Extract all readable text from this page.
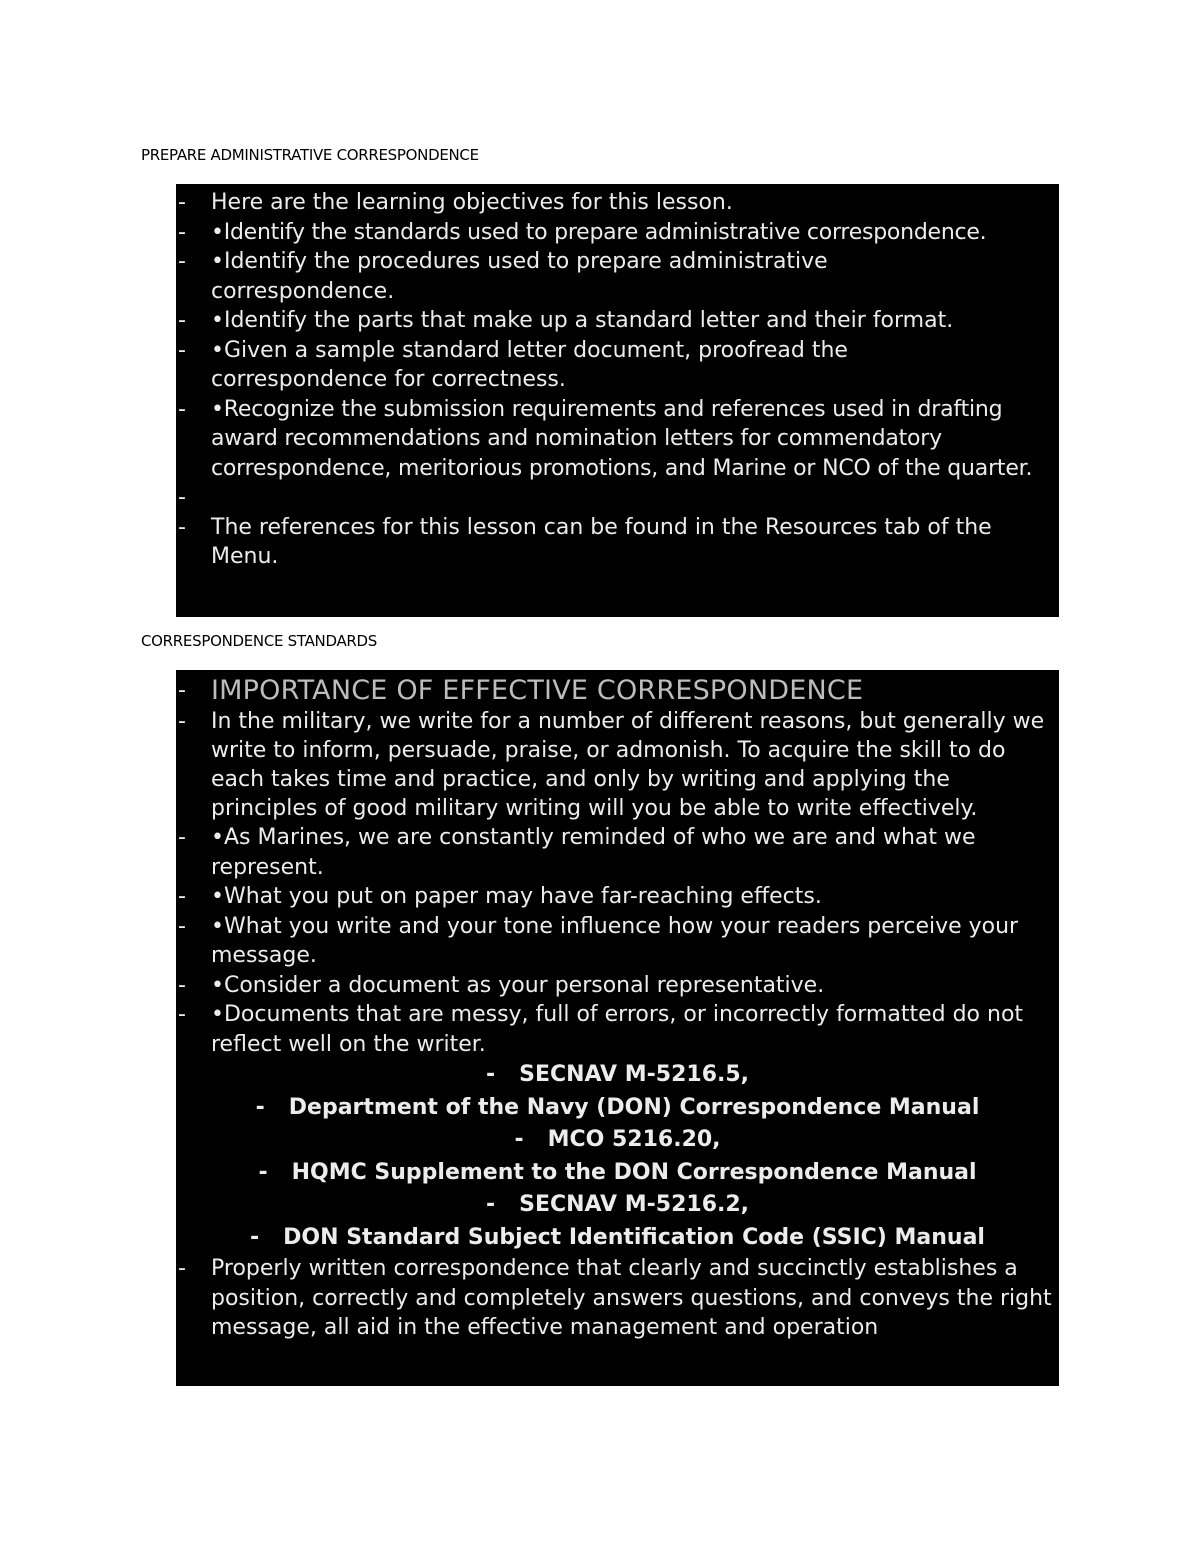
PREPARE ADMINISTRATIVE CORRESPONDENCE

-	Here are the learning objectives for this lesson.
-	•Identify the standards used to prepare administrative correspondence.
-	•Identify the procedures used to prepare administrative correspondence.
-	•Identify the parts that make up a standard letter and their format.
-	•Given a sample standard letter document, proofread the correspondence for correctness.
-	•Recognize the submission requirements and references used in drafting award recommendations and nomination letters for commendatory correspondence, meritorious promotions, and Marine or NCO of the quarter.
-
-	The references for this lesson can be found in the Resources tab of the Menu.

CORRESPONDENCE STANDARDS

- IMPORTANCE OF EFFECTIVE CORRESPONDENCE
-	In the military, we write for a number of different reasons, but generally we write to inform, persuade, praise, or admonish. To acquire the skill to do each takes time and practice, and only by writing and applying the principles of good military writing will you be able to write effectively.
-	•As Marines, we are constantly reminded of who we are and what we represent.
-	•What you put on paper may have far-reaching effects.
-	•What you write and your tone influence how your readers perceive your message.
-	•Consider a document as your personal representative.
-	•Documents that are messy, full of errors, or incorrectly formatted do not reflect well on the writer.
- SECNAV M-5216.5,
- Department of the Navy (DON) Correspondence Manual
- MCO 5216.20,
- HQMC Supplement to the DON Correspondence Manual
- SECNAV M-5216.2,
- DON Standard Subject Identification Code (SSIC) Manual
-	Properly written correspondence that clearly and succinctly establishes a position, correctly and completely answers questions, and conveys the right message, all aid in the effective management and operation
